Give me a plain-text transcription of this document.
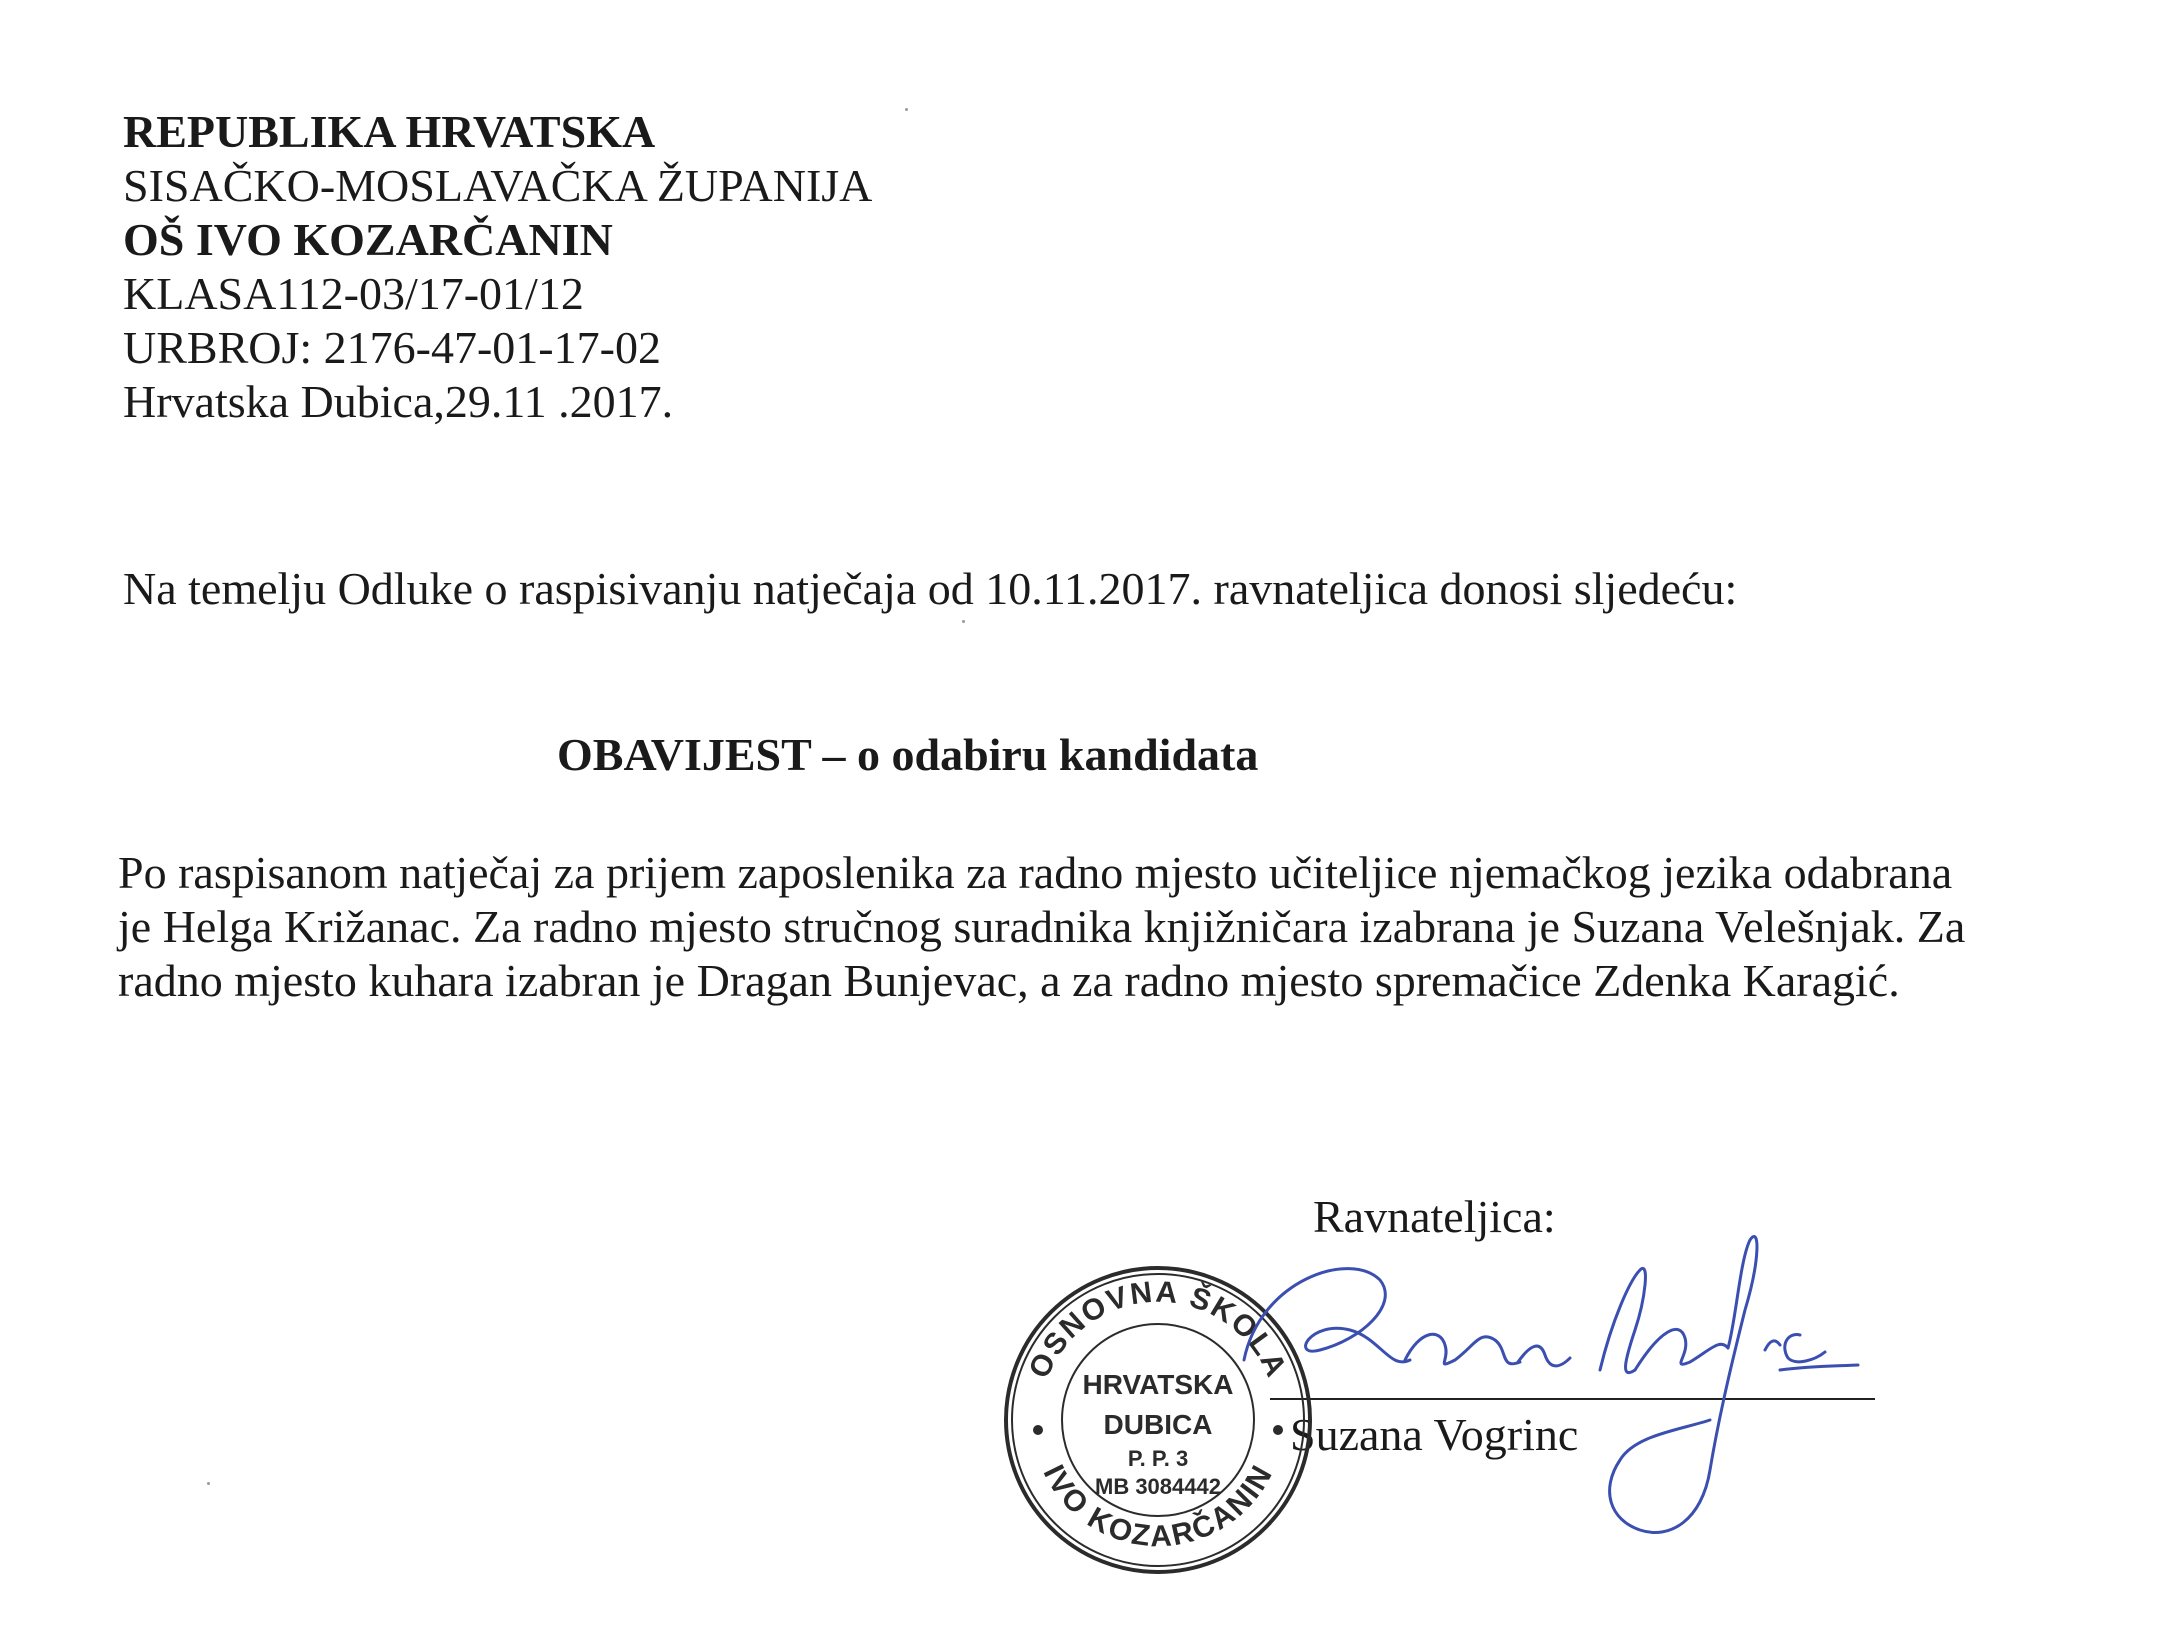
REPUBLIKA HRVATSKA
SISAČKO-MOSLAVAČKA ŽUPANIJA
OŠ IVO KOZARČANIN
KLASA112-03/17-01/12
URBROJ: 2176-47-01-17-02
Hrvatska Dubica,29.11 .2017.
Na temelju Odluke o raspisivanju natječaja od 10.11.2017. ravnateljica donosi sljedeću:
OBAVIJEST – o odabiru kandidata

Po raspisanom natječaj za prijem zaposlenika za radno mjesto učiteljice njemačkog jezika odabrana

je Helga Križanac. Za radno mjesto stručnog suradnika knjižničara izabrana je Suzana Velešnjak. Za

radno mjesto kuhara izabran je Dragan Bunjevac, a za radno mjesto spremačice Zdenka Karagić.

Ravnateljica:
Suzana Vogrinc
OSNOVNA ŠKOLA
IVO KOZARČANIN
HRVATSKA
DUBICA
P. P. 3
MB 3084442
